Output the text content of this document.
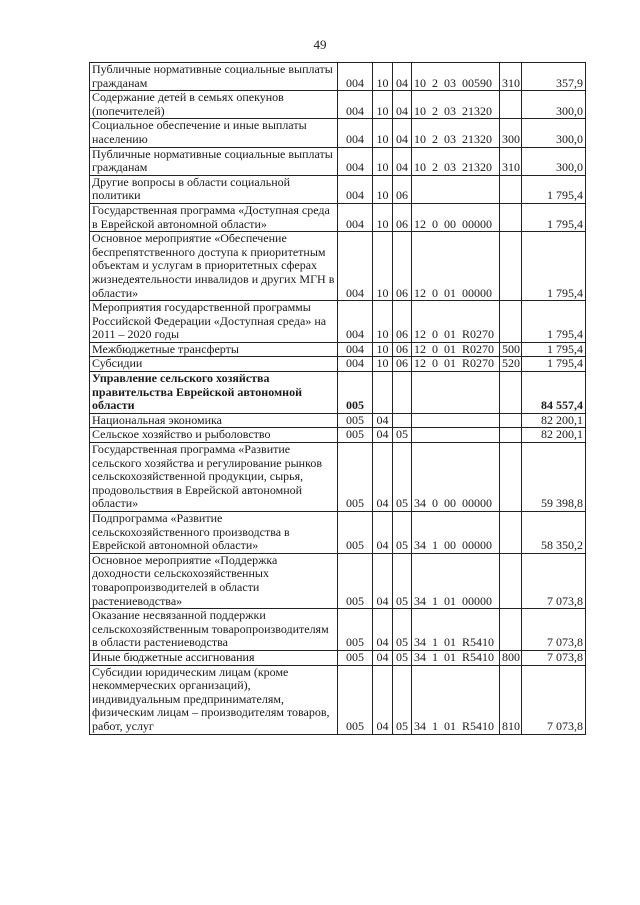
49
Публичные нормативные социальные выплаты гражданам	004	10	04	10 2 03 00590	310	357,9
Содержание детей в семьях опекунов (попечителей)	004	10	04	10 2 03 21320		300,0
Социальное обеспечение и иные выплаты населению	004	10	04	10 2 03 21320	300	300,0
Публичные нормативные социальные выплаты гражданам	004	10	04	10 2 03 21320	310	300,0
Другие вопросы в области социальной политики	004	10	06			1 795,4
Государственная программа «Доступная среда в Еврейской автономной области»	004	10	06	12 0 00 00000		1 795,4
Основное мероприятие «Обеспечение беспрепятственного доступа к приоритетным объектам и услугам в приоритетных сферах жизнедеятельности инвалидов и других МГН в области»	004	10	06	12 0 01 00000		1 795,4
Мероприятия государственной программы Российской Федерации «Доступная среда» на 2011 – 2020 годы	004	10	06	12 0 01 R0270		1 795,4
Межбюджетные трансферты	004	10	06	12 0 01 R0270	500	1 795,4
Субсидии	004	10	06	12 0 01 R0270	520	1 795,4
Управление сельского хозяйства правительства Еврейской автономной области	005					84 557,4
Национальная экономика	005	04				82 200,1
Сельское хозяйство и рыболовство	005	04	05			82 200,1
Государственная программа «Развитие сельского хозяйства и регулирование рынков сельскохозяйственной продукции, сырья, продовольствия в Еврейской автономной области»	005	04	05	34 0 00 00000		59 398,8
Подпрограмма «Развитие сельскохозяйственного производства в Еврейской автономной области»	005	04	05	34 1 00 00000		58 350,2
Основное мероприятие «Поддержка доходности сельскохозяйственных товаропроизводителей в области растениеводства»	005	04	05	34 1 01 00000		7 073,8
Оказание несвязанной поддержки сельскохозяйственным товаропроизводителям в области растениеводства	005	04	05	34 1 01 R5410		7 073,8
Иные бюджетные ассигнования	005	04	05	34 1 01 R5410	800	7 073,8
Субсидии юридическим лицам (кроме некоммерческих организаций), индивидуальным предпринимателям, физическим лицам – производителям товаров, работ, услуг	005	04	05	34 1 01 R5410	810	7 073,8
